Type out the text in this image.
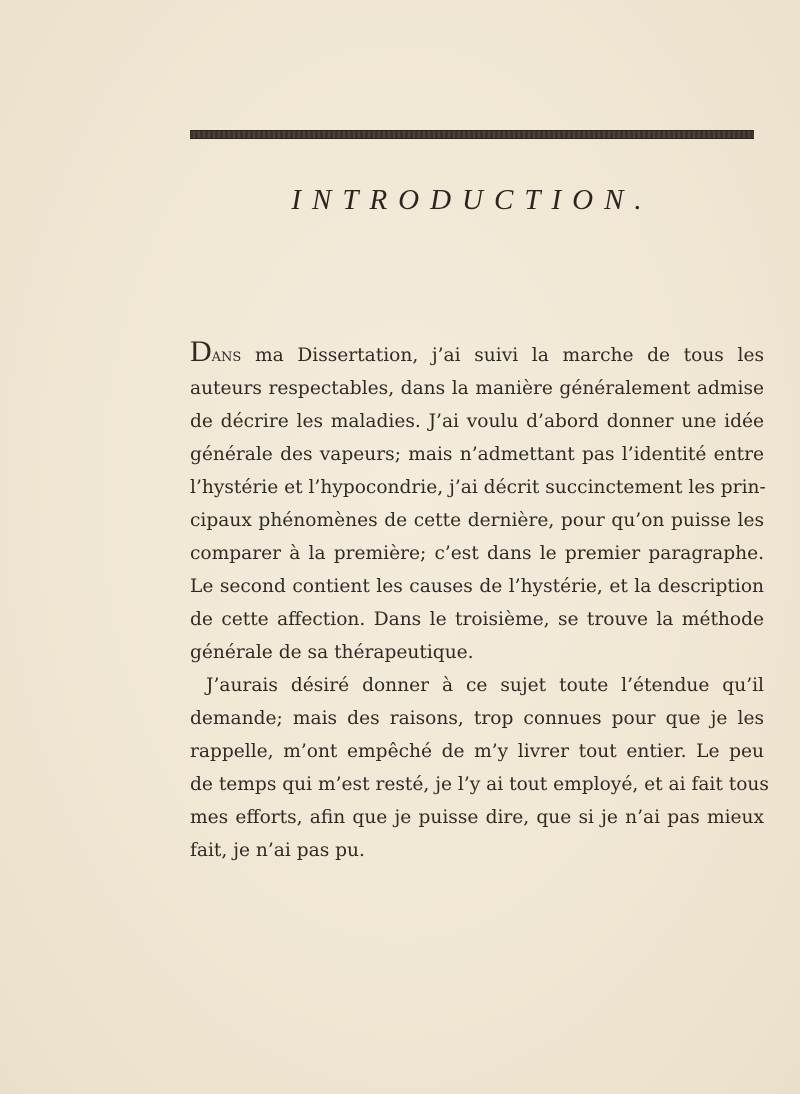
INTRODUCTION.
Dans ma Dissertation, j’ai suivi la marche de tous les
auteurs respectables, dans la manière généralement admise
de décrire les maladies. J’ai voulu d’abord donner une idée
générale des vapeurs; mais n’admettant pas l’identité entre
l’hystérie et l’hypocondrie, j’ai décrit succinctement les prin-
cipaux phénomènes de cette dernière, pour qu’on puisse les
comparer à la première; c’est dans le premier paragraphe.
Le second contient les causes de l’hystérie, et la description
de cette affection. Dans le troisième, se trouve la méthode
générale de sa thérapeutique.
J’aurais désiré donner à ce sujet toute l’étendue qu’il
demande; mais des raisons, trop connues pour que je les
rappelle, m’ont empêché de m’y livrer tout entier. Le peu
de temps qui m’est resté, je l’y ai tout employé, et ai fait tous
mes efforts, afin que je puisse dire, que si je n’ai pas mieux
fait, je n’ai pas pu.
